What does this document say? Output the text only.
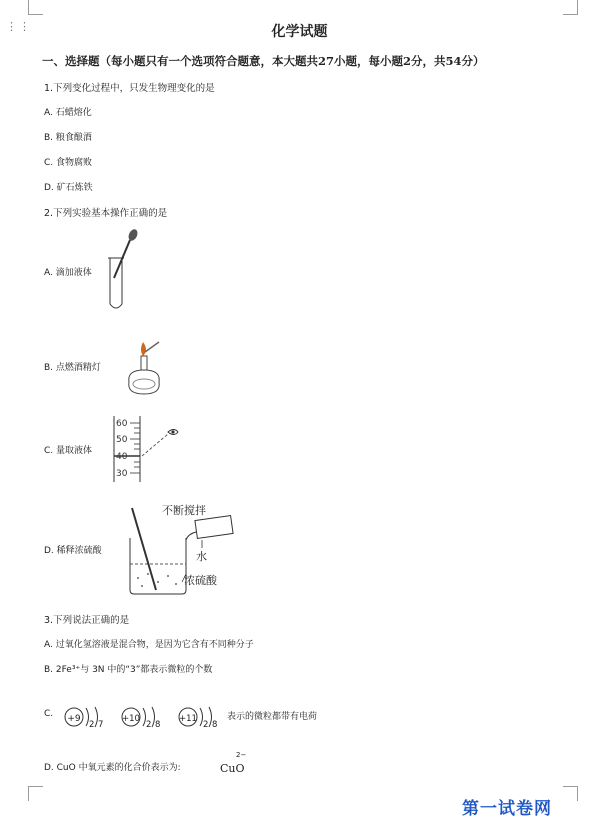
⋮⋮	化学试题
一、选择题（每小题只有一个选项符合题意，本大题共27小题，每小题2分，共54分）
1.下列变化过程中，只发生物理变化的是
A. 石蜡熔化
B. 粮食酿酒
C. 食物腐败
D. 矿石炼铁
2.下列实验基本操作正确的是
A. 滴加液体
B. 点燃酒精灯
C. 量取液体
60
50
40
30
D. 稀释浓硫酸
不断搅拌
水
浓硫酸
3.下列说法正确的是
A. 过氧化氢溶液是混合物，是因为它含有不同种分子
B. 2Fe³⁺与 3N 中的“3”都表示微粒的个数
C. +9
2 7
+10
2 8
+11
2 8
表示的微粒都带有电荷
D. CuO 中氧元素的化合价表示为:
2−
CuO
第一试卷网
